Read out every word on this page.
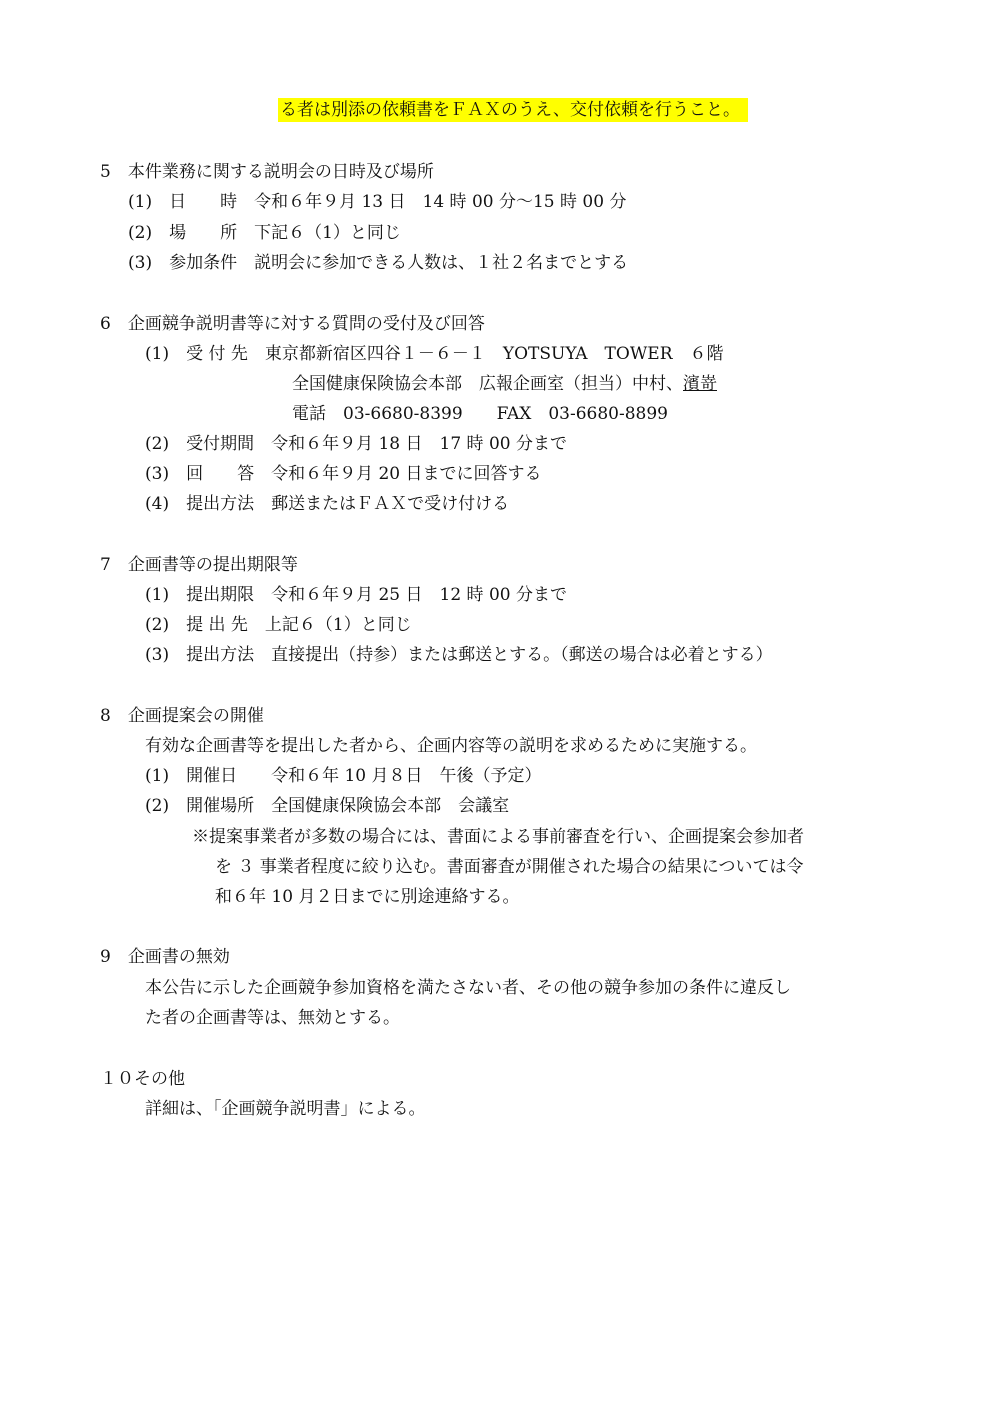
る者は別添の依頼書をＦＡＸのうえ、交付依頼を行うこと。
5　本件業務に関する説明会の日時及び場所
(1)　日　　時　令和６年９月 13 日　14 時 00 分～15 時 00 分
(2)　場　　所　下記６（1）と同じ
(3)　参加条件　説明会に参加できる人数は、１社２名までとする
6　企画競争説明書等に対する質問の受付及び回答
(1)　受 付 先　東京都新宿区四谷１－６－１　YOTSUYA　TOWER　６階
全国健康保険協会本部　広報企画室（担当）中村、濱嵜
電話　03-6680-8399　　FAX　03-6680-8899
(2)　受付期間　令和６年９月 18 日　17 時 00 分まで
(3)　回　　答　令和６年９月 20 日までに回答する
(4)　提出方法　郵送またはＦＡＸで受け付ける
7　企画書等の提出期限等
(1)　提出期限　令和６年９月 25 日　12 時 00 分まで
(2)　提 出 先　上記６（1）と同じ
(3)　提出方法　直接提出（持参）または郵送とする。（郵送の場合は必着とする）
8　企画提案会の開催
有効な企画書等を提出した者から、企画内容等の説明を求めるために実施する。
(1)　開催日　　令和６年 10 月８日　午後（予定）
(2)　開催場所　全国健康保険協会本部　会議室
※提案事業者が多数の場合には、書面による事前審査を行い、企画提案会参加者
を ３ 事業者程度に絞り込む。書面審査が開催された場合の結果については令
和６年 10 月２日までに別途連絡する。
9　企画書の無効
本公告に示した企画競争参加資格を満たさない者、その他の競争参加の条件に違反し
た者の企画書等は、無効とする。
１０その他
詳細は、「企画競争説明書」による。
